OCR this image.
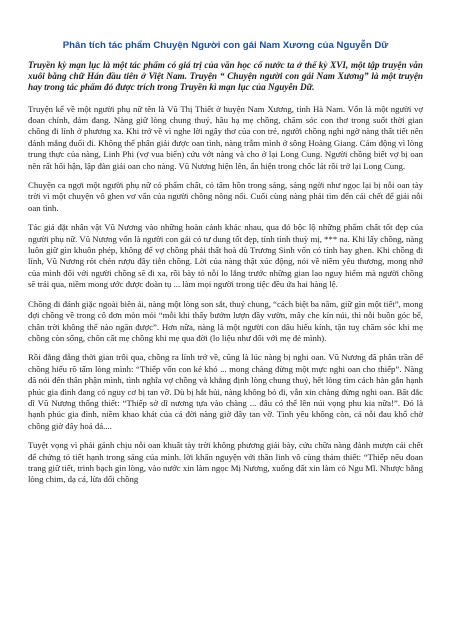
Phân tích tác phẩm Chuyện Người con gái Nam Xương của Nguyễn Dữ

Truyền kỳ mạn lục là một tác phẩm có giá trị của văn học cổ nước ta ở thế kỷ XVI, một tập truyện văn xuôi bằng chữ Hán đầu tiên ở Việt Nam. Truyện “ Chuyện người con gái Nam Xương” là một truyện hay trong tác phẩm đó được trích trong Truyền kì mạn lục của Nguyễn Dữ.

Truyện kể về một người phụ nữ tên là Vũ Thị Thiết ở huyện Nam Xương, tỉnh Hà Nam. Vốn là một người vợ đoan chính, đảm đang. Nàng giữ lòng chung thuỷ, hầu hạ mẹ chồng, chăm sóc con thơ trong suốt thời gian chồng đi lính ở phương xa. Khi trở về vì nghe lời ngây thơ của con trẻ, người chồng nghi ngờ nàng thất tiết nên đánh mắng đuổi đi. Không thể phân giải được oan tình, nàng trẫm mình ở sông Hoàng Giang. Cảm động vì lòng trung thực của nàng, Linh Phi (vợ vua biển) cứu vớt nàng và cho ở lại Long Cung. Người chồng biết vợ bị oan nên rất hối hận, lập đàn giải oan cho nàng. Vũ Nương hiện lên, ẩn hiện trong chốc lát rồi trở lại Long Cung.

Chuyện ca ngợi một người phụ nữ có phẩm chất, có tâm hồn trong sáng, sáng ngời như ngọc lại bị nỗi oan tày trời vì một chuyện vô ghen vơ vẩn của người chồng nông nổi. Cuối cùng nàng phải tìm đến cái chết để giải nỗi oan tình.

Tác giả đặt nhân vật Vũ Nương vào những hoàn cảnh khác nhau, qua đó bộc lộ những phẩm chất tốt đẹp của người phụ nữ. Vũ Nương vốn là người con gái có tư dung tốt đẹp, tính tình thuỳ mị, *** na. Khi lấy chồng, nàng luôn giữ gìn khuôn phép, không để vợ chồng phải thất hoà dù Trương Sinh vốn có tính hay ghen. Khi chồng đi lính, Vũ Nương rót chén rượu đầy tiễn chồng. Lời của nàng thật xúc động, nói về niềm yêu thương, mong nhớ của mình đối với người chồng sẽ đi xa, rồi bày tỏ nỗi lo lắng trước những gian lao nguy hiểm mà người chồng sẽ trải qua, niềm mong ước được đoàn tụ ... làm mọi người trong tiệc đều ứa hai hàng lệ.

Chồng đi đánh giặc ngoài biên ải, nàng một lòng son sắt, thuỷ chung, “cách biệt ba năm, giữ gìn một tiết”, mong đợi chồng về trong cô đơn mòn mỏi “mỗi khi thấy bướm lượn đầy vườn, mây che kín núi, thì nỗi buồn góc bể, chân trời không thể nào ngăn được”. Hơn nữa, nàng là một người con dâu hiếu kính, tận tuỵ chăm sóc khi mẹ chồng còn sống, chôn cất mẹ chồng khi mẹ qua đời (lo liệu như đối với mẹ đẻ mình).

Rồi đằng đẵng thời gian trôi qua, chồng ra lính trở về, cũng là lúc nàng bị nghi oan. Vũ Nương đã phân trần để chồng hiểu rõ tấm lòng mình: “Thiếp vốn con kẻ khó ... mong chàng đừng một mực nghi oan cho thiếp”. Nàng đã nói đến thân phận mình, tình nghĩa vợ chồng và khẳng định lòng chung thuỷ, hết lòng tìm cách hàn gắn hạnh phúc gia đình đang có nguy cơ bị tan vỡ. Dù bị hắt hủi, nàng không bỏ đi, vẫn xin chàng đừng nghi oan. Bất đắc dĩ Vũ Nương thống thiết: “Thiếp sở dĩ nương tựa vào chàng ... đâu có thể lên núi vọng phu kia nữa!”. Đó là hạnh phúc gia đình, niềm khao khát của cả đời nàng giờ đây tan vỡ. Tình yêu không còn, cả nỗi đau khổ chờ chồng giờ đây hoá đá....

Tuyệt vọng vì phải gánh chịu nỗi oan khuất tày trời không phương giải bày, cứu chữa nàng đành mượn cái chết để chứng tỏ tiết hạnh trong sáng của mình. lời khấn nguyện với thần linh vô cùng thảm thiết: “Thiếp nếu đoan trang giữ tiết, trinh bạch gìn lòng, vào nước xin làm ngọc Mị Nương, xuống đất xin làm cỏ Ngu Mĩ. Nhược bằng lòng chim, dạ cá, lừa dối chồng
